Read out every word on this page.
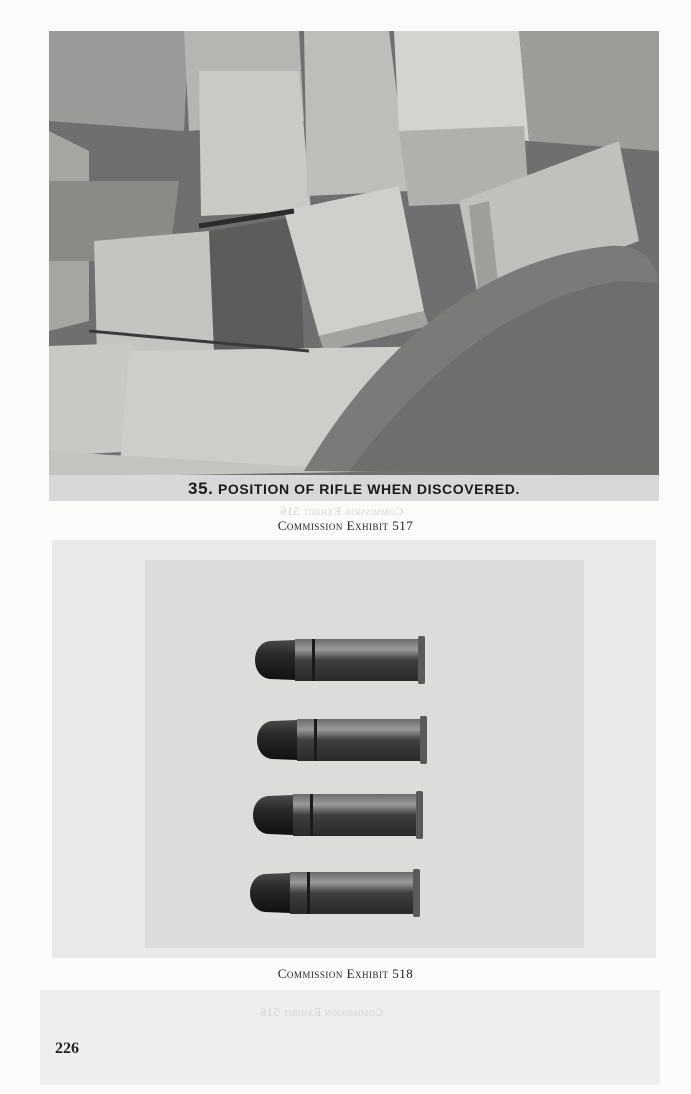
35. POSITION OF RIFLE WHEN DISCOVERED.
Commission Exhibit 516
Commission Exhibit 517
Commission Exhibit 518
Commission Exhibit 516
226
